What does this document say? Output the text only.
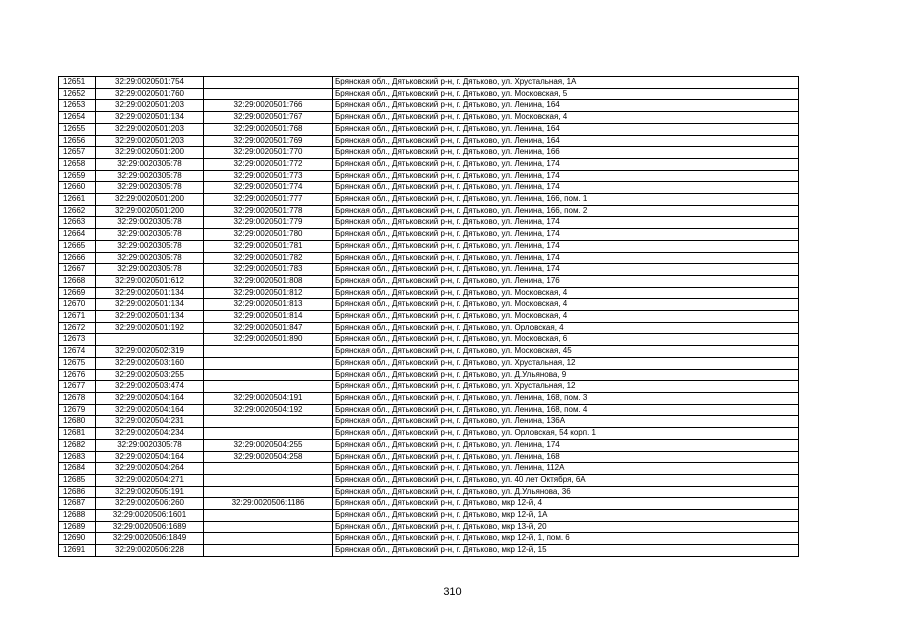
12651	32:29:0020501:754		Брянская обл., Дятьковский р-н, г. Дятьково, ул. Хрустальная, 1А
12652	32:29:0020501:760		Брянская обл., Дятьковский р-н, г. Дятьково, ул. Московская, 5
12653	32:29:0020501:203	32:29:0020501:766	Брянская обл., Дятьковский р-н, г. Дятьково, ул. Ленина, 164
12654	32:29:0020501:134	32:29:0020501:767	Брянская обл., Дятьковский р-н, г. Дятьково, ул. Московская, 4
12655	32:29:0020501:203	32:29:0020501:768	Брянская обл., Дятьковский р-н, г. Дятьково, ул. Ленина, 164
12656	32:29:0020501:203	32:29:0020501:769	Брянская обл., Дятьковский р-н, г. Дятьково, ул. Ленина, 164
12657	32:29:0020501:200	32:29:0020501:770	Брянская обл., Дятьковский р-н, г. Дятьково, ул. Ленина, 166
12658	32:29:0020305:78	32:29:0020501:772	Брянская обл., Дятьковский р-н, г. Дятьково, ул. Ленина, 174
12659	32:29:0020305:78	32:29:0020501:773	Брянская обл., Дятьковский р-н, г. Дятьково, ул. Ленина, 174
12660	32:29:0020305:78	32:29:0020501:774	Брянская обл., Дятьковский р-н, г. Дятьково, ул. Ленина, 174
12661	32:29:0020501:200	32:29:0020501:777	Брянская обл., Дятьковский р-н, г. Дятьково, ул. Ленина, 166, пом. 1
12662	32:29:0020501:200	32:29:0020501:778	Брянская обл., Дятьковский р-н, г. Дятьково, ул. Ленина, 166, пом. 2
12663	32:29:0020305:78	32:29:0020501:779	Брянская обл., Дятьковский р-н, г. Дятьково, ул. Ленина, 174
12664	32:29:0020305:78	32:29:0020501:780	Брянская обл., Дятьковский р-н, г. Дятьково, ул. Ленина, 174
12665	32:29:0020305:78	32:29:0020501:781	Брянская обл., Дятьковский р-н, г. Дятьково, ул. Ленина, 174
12666	32:29:0020305:78	32:29:0020501:782	Брянская обл., Дятьковский р-н, г. Дятьково, ул. Ленина, 174
12667	32:29:0020305:78	32:29:0020501:783	Брянская обл., Дятьковский р-н, г. Дятьково, ул. Ленина, 174
12668	32:29:0020501:612	32:29:0020501:808	Брянская обл., Дятьковский р-н, г. Дятьково, ул. Ленина, 176
12669	32:29:0020501:134	32:29:0020501:812	Брянская обл., Дятьковский р-н, г. Дятьково, ул. Московская, 4
12670	32:29:0020501:134	32:29:0020501:813	Брянская обл., Дятьковский р-н, г. Дятьково, ул. Московская, 4
12671	32:29:0020501:134	32:29:0020501:814	Брянская обл., Дятьковский р-н, г. Дятьково, ул. Московская, 4
12672	32:29:0020501:192	32:29:0020501:847	Брянская обл., Дятьковский р-н, г. Дятьково, ул. Орловская, 4
12673		32:29:0020501:890	Брянская обл., Дятьковский р-н, г. Дятьково, ул. Московская, 6
12674	32:29:0020502:319		Брянская обл., Дятьковский р-н, г. Дятьково, ул. Московская, 45
12675	32:29:0020503:160		Брянская обл., Дятьковский р-н, г. Дятьково, ул. Хрустальная, 12
12676	32:29:0020503:255		Брянская обл., Дятьковский р-н, г. Дятьково, ул. Д.Ульянова, 9
12677	32:29:0020503:474		Брянская обл., Дятьковский р-н, г. Дятьково, ул. Хрустальная, 12
12678	32:29:0020504:164	32:29:0020504:191	Брянская обл., Дятьковский р-н, г. Дятьково, ул. Ленина, 168, пом. 3
12679	32:29:0020504:164	32:29:0020504:192	Брянская обл., Дятьковский р-н, г. Дятьково, ул. Ленина, 168, пом. 4
12680	32:29:0020504:231		Брянская обл., Дятьковский р-н, г. Дятьково, ул. Ленина, 136А
12681	32:29:0020504:234		Брянская обл., Дятьковский р-н, г. Дятьково, ул. Орловская, 54 корп. 1
12682	32:29:0020305:78	32:29:0020504:255	Брянская обл., Дятьковский р-н, г. Дятьково, ул. Ленина, 174
12683	32:29:0020504:164	32:29:0020504:258	Брянская обл., Дятьковский р-н, г. Дятьково, ул. Ленина, 168
12684	32:29:0020504:264		Брянская обл., Дятьковский р-н, г. Дятьково, ул. Ленина, 112А
12685	32:29:0020504:271		Брянская обл., Дятьковский р-н, г. Дятьково, ул. 40 лет Октября, 6А
12686	32:29:0020505:191		Брянская обл., Дятьковский р-н, г. Дятьково, ул. Д.Ульянова, 36
12687	32:29:0020506:260	32:29:0020506:1186	Брянская обл., Дятьковский р-н, г. Дятьково, мкр 12-й, 4
12688	32:29:0020506:1601		Брянская обл., Дятьковский р-н, г. Дятьково, мкр 12-й, 1А
12689	32:29:0020506:1689		Брянская обл., Дятьковский р-н, г. Дятьково, мкр 13-й, 20
12690	32:29:0020506:1849		Брянская обл., Дятьковский р-н, г. Дятьково, мкр 12-й, 1, пом. 6
12691	32:29:0020506:228		Брянская обл., Дятьковский р-н, г. Дятьково, мкр 12-й, 15
310
